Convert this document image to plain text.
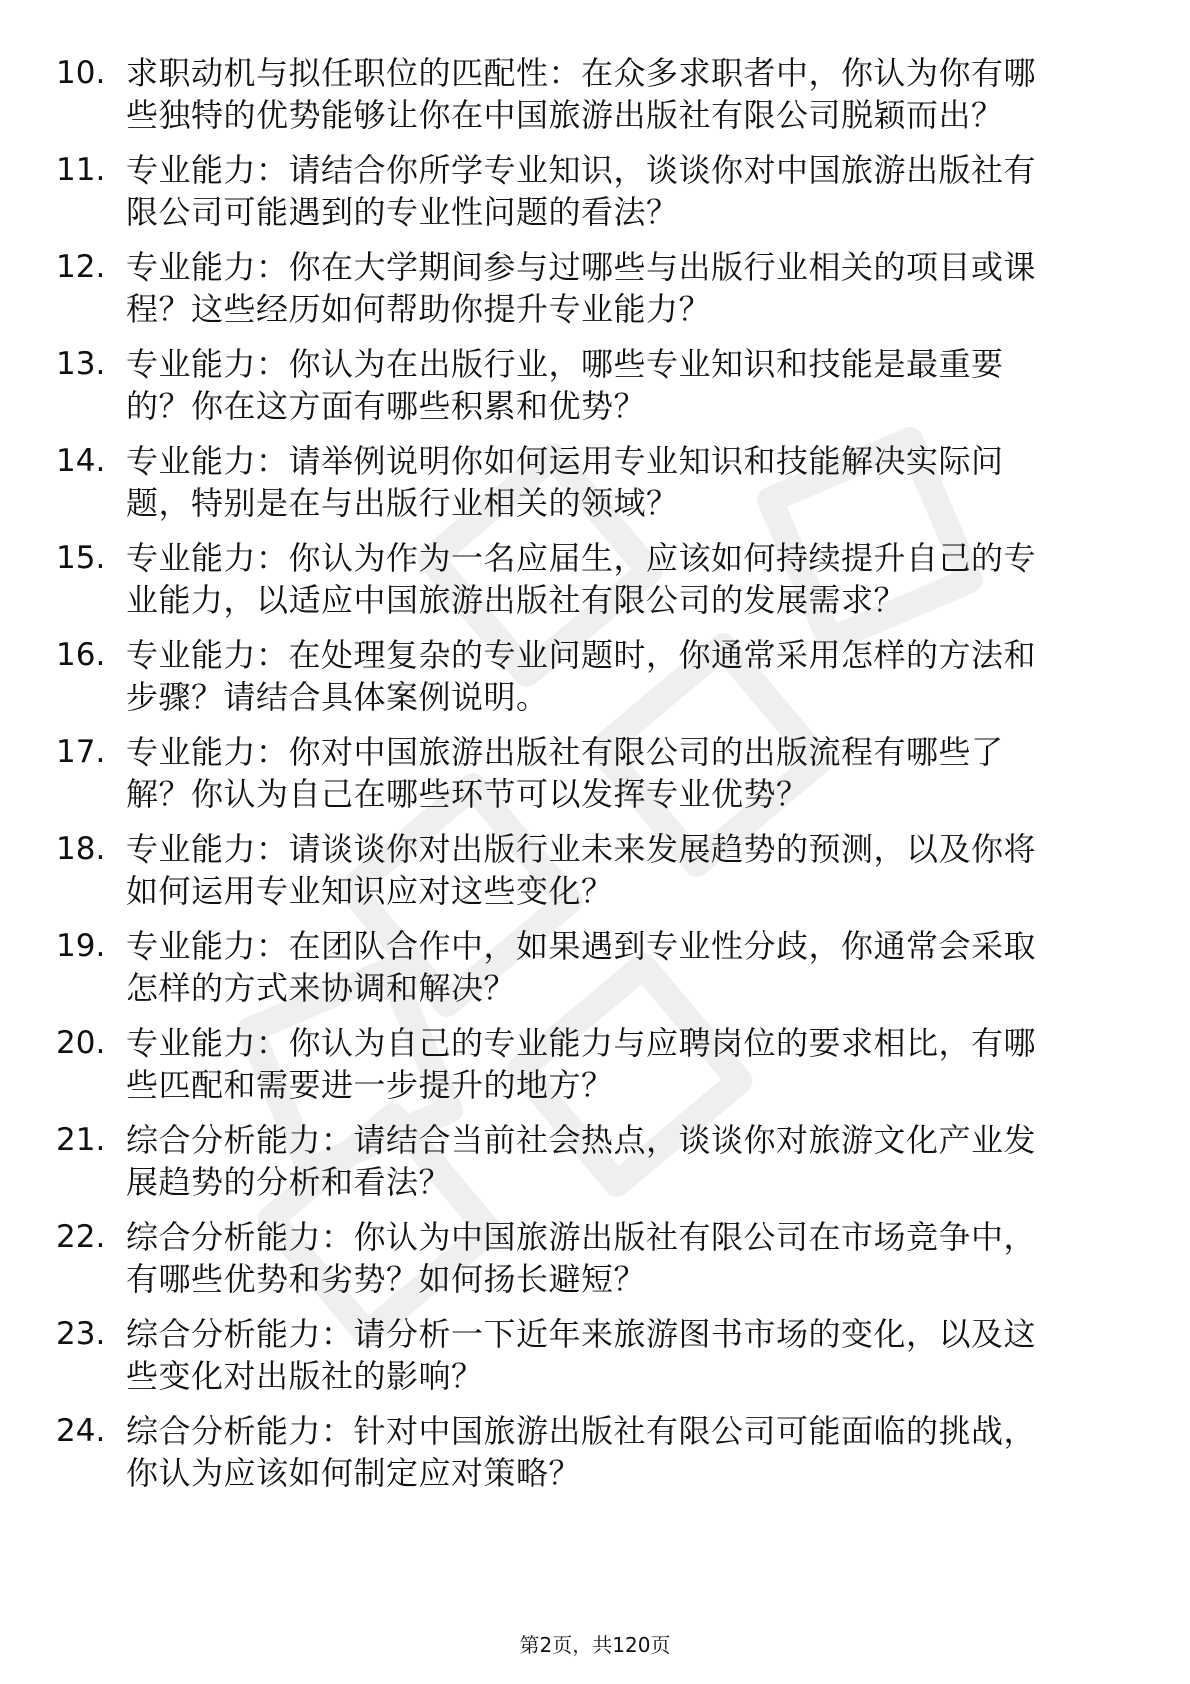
10. 求职动机与拟任职位的匹配性：在众多求职者中，你认为你有哪
些独特的优势能够让你在中国旅游出版社有限公司脱颖而出？
11. 专业能力：请结合你所学专业知识，谈谈你对中国旅游出版社有
限公司可能遇到的专业性问题的看法？
12. 专业能力：你在大学期间参与过哪些与出版行业相关的项目或课
程？这些经历如何帮助你提升专业能力？
13. 专业能力：你认为在出版行业，哪些专业知识和技能是最重要
的？你在这方面有哪些积累和优势？
14. 专业能力：请举例说明你如何运用专业知识和技能解决实际问
题，特别是在与出版行业相关的领域？
15. 专业能力：你认为作为一名应届生，应该如何持续提升自己的专
业能力，以适应中国旅游出版社有限公司的发展需求？
16. 专业能力：在处理复杂的专业问题时，你通常采用怎样的方法和
步骤？请结合具体案例说明。
17. 专业能力：你对中国旅游出版社有限公司的出版流程有哪些了
解？你认为自己在哪些环节可以发挥专业优势？
18. 专业能力：请谈谈你对出版行业未来发展趋势的预测，以及你将
如何运用专业知识应对这些变化？
19. 专业能力：在团队合作中，如果遇到专业性分歧，你通常会采取
怎样的方式来协调和解决？
20. 专业能力：你认为自己的专业能力与应聘岗位的要求相比，有哪
些匹配和需要进一步提升的地方？
21. 综合分析能力：请结合当前社会热点，谈谈你对旅游文化产业发
展趋势的分析和看法？
22. 综合分析能力：你认为中国旅游出版社有限公司在市场竞争中，
有哪些优势和劣势？如何扬长避短？
23. 综合分析能力：请分析一下近年来旅游图书市场的变化，以及这
些变化对出版社的影响？
24. 综合分析能力：针对中国旅游出版社有限公司可能面临的挑战，
你认为应该如何制定应对策略？
第2页，共120页
